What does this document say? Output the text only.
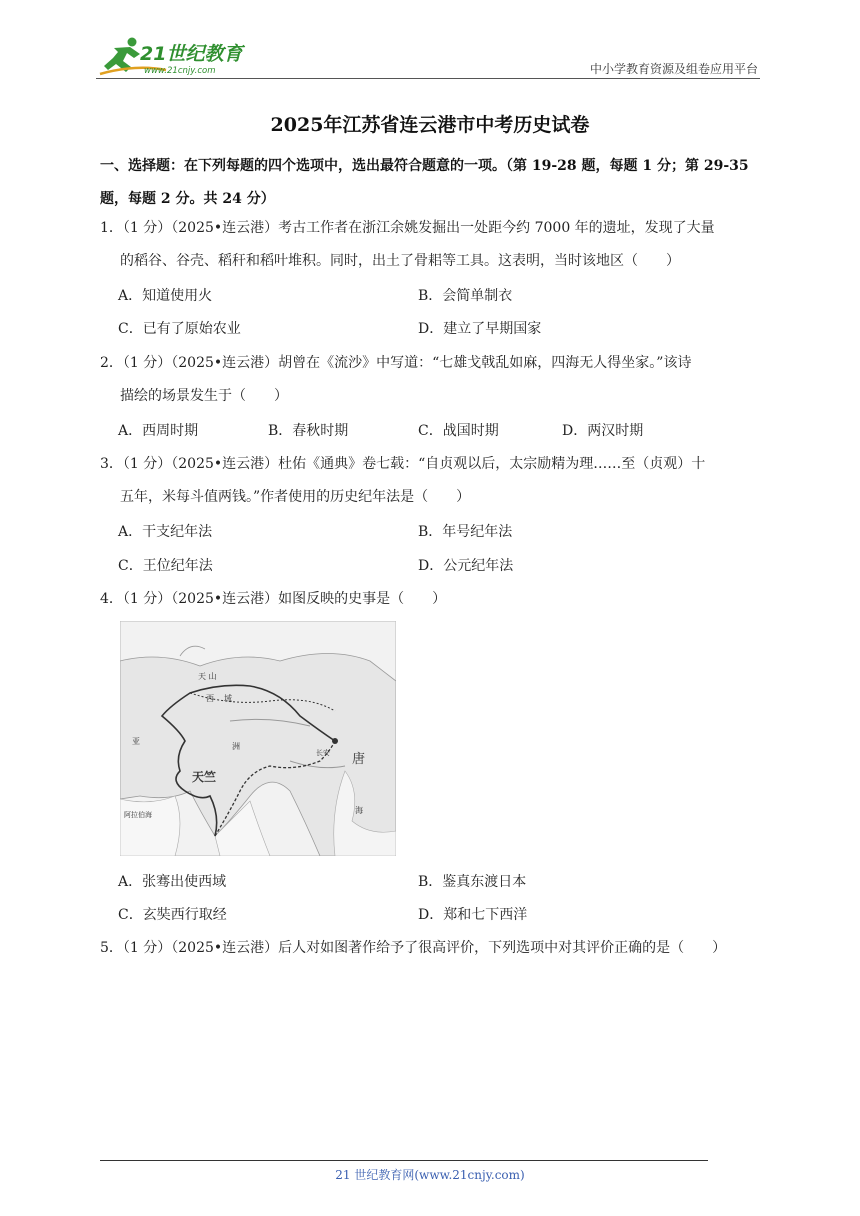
21世纪教育
www.21cnjy.com	中小学教育资源及组卷应用平台
2025年江苏省连云港市中考历史试卷
一、选择题：在下列每题的四个选项中，选出最符合题意的一项。（第 19-28 题，每题 1 分；第 29-35
题，每题 2 分。共 24 分）
1．（1 分）（2025•连云港）考古工作者在浙江余姚发掘出一处距今约 7000 年的遗址，发现了大量
的稻谷、谷壳、稻秆和稻叶堆积。同时，出土了骨耜等工具。这表明，当时该地区（　　）
A．知道使用火	B．会简单制衣
C．已有了原始农业	D．建立了早期国家
2．（1 分）（2025•连云港）胡曾在《流沙》中写道：“七雄戈戟乱如麻，四海无人得坐家。”该诗
描绘的场景发生于（　　）
A．西周时期	B．春秋时期	C．战国时期	D．两汉时期
3．（1 分）（2025•连云港）杜佑《通典》卷七载：“自贞观以后，太宗励精为理……至（贞观）十
五年，米每斗值两钱。”作者使用的历史纪年法是（　　）
A．干支纪年法	B．年号纪年法
C．王位纪年法	D．公元纪年法
4．（1 分）（2025•连云港）如图反映的史事是（　　）
天 山
西 域
长安 唐
天竺
洲
亚
海
阿拉伯海
A．张骞出使西域	B．鉴真东渡日本
C．玄奘西行取经	D．郑和七下西洋
5．（1 分）（2025•连云港）后人对如图著作给予了很高评价，下列选项中对其评价正确的是（　　）
21 世纪教育网(www.21cnjy.com)
